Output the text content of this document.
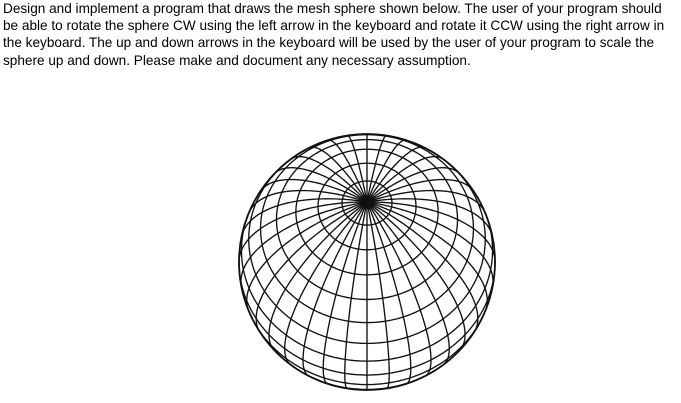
Design and implement a program that draws the mesh sphere shown below. The user of your program should be able to rotate the sphere CW using the left arrow in the keyboard and rotate it CCW using the right arrow in the keyboard. The up and down arrows in the keyboard will be used by the user of your program to scale the sphere up and down. Please make and document any necessary assumption.
